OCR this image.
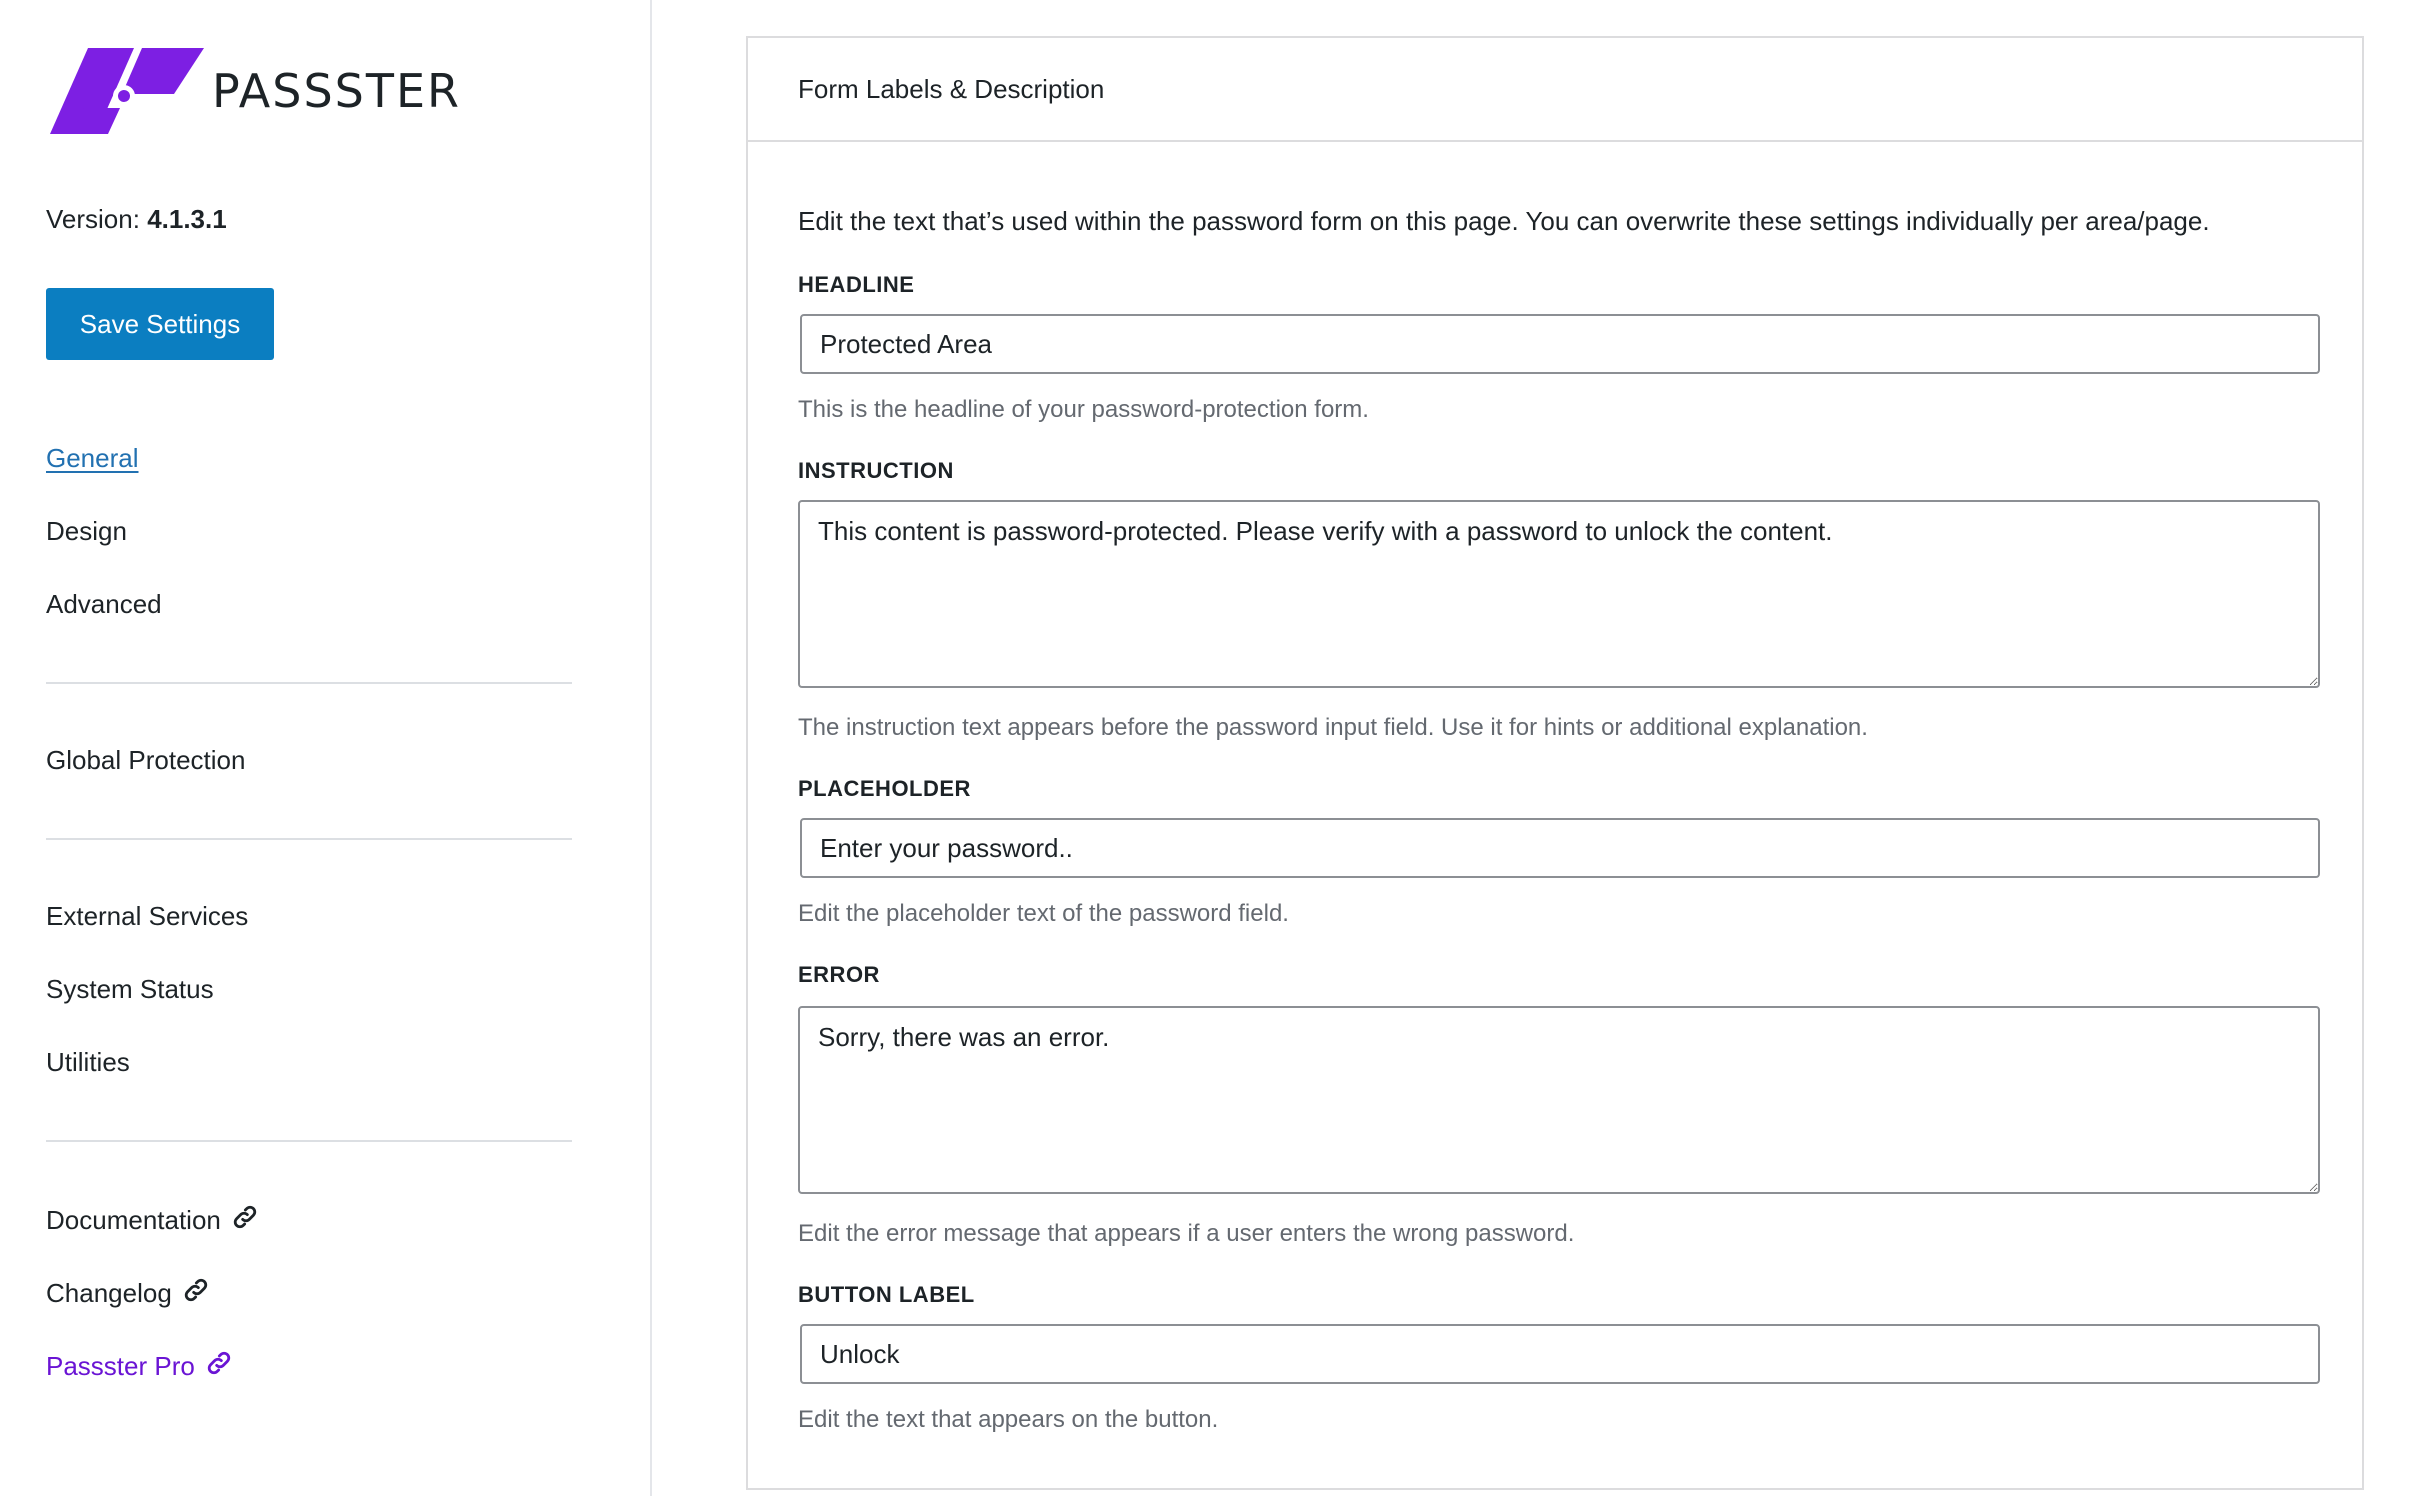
PASSSTER
Version: 4.1.3.1
Save Settings
General
Design
Advanced
Global Protection
External Services
System Status
Utilities
Documentation
Changelog
Passster Pro
Form Labels & Description
Edit the text that’s used within the password form on this page. You can overwrite these settings individually per area/page.
HEADLINE
Protected Area
This is the headline of your password-protection form.
INSTRUCTION
This content is password-protected. Please verify with a password to unlock the content.
The instruction text appears before the password input field. Use it for hints or additional explanation.
PLACEHOLDER
Enter your password..
Edit the placeholder text of the password field.
ERROR
Sorry, there was an error.
Edit the error message that appears if a user enters the wrong password.
BUTTON LABEL
Unlock
Edit the text that appears on the button.
